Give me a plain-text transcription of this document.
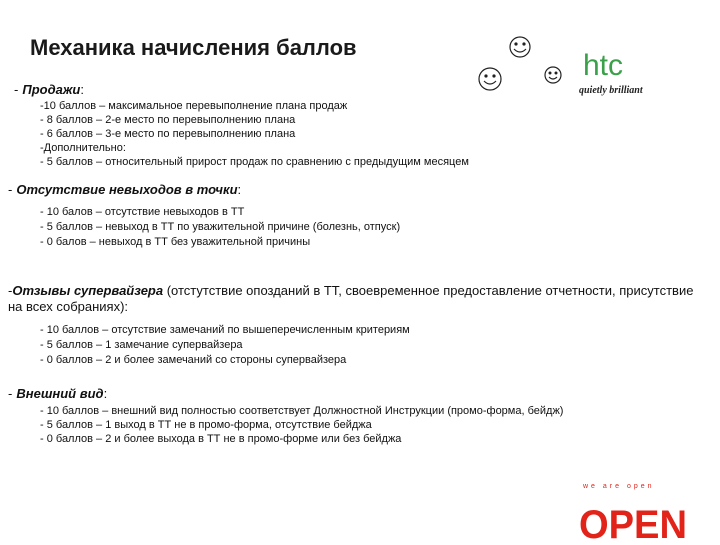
Механика начисления баллов
- Продажи:
-10 баллов – максимальное перевыполнение плана продаж
- 8 баллов – 2-е место по перевыполнению плана
- 6 баллов – 3-е место по перевыполнению плана
-Дополнительно:
- 5 баллов – относительный прирост продаж по сравнению с предыдущим месяцем
- Отсутствие невыходов в точки:
- 10 балов – отсутствие невыходов в ТТ
- 5 баллов – невыход в ТТ по уважительной причине (болезнь, отпуск)
- 0 балов – невыход в ТТ без уважительной причины
-Отзывы супервайзера (отстутствие опозданий в ТТ, своевременное предоставление отчетности, присутствие на всех собраниях):
- 10 баллов – отсутствие замечаний по вышеперечисленным критериям
- 5 баллов – 1 замечание супервайзера
- 0 баллов – 2 и более замечаний со стороны супервайзера
- Внешний вид:
- 10 баллов – внешний вид полностью соответствует Должностной Инструкции (промо-форма, бейдж)
- 5 баллов – 1 выход в ТТ не в промо-форма, отсутствие бейджа
- 0 баллов – 2 и более выхода в ТТ не в промо-форме или без бейджа
htc
quietly brilliant
we are open
OPEN
